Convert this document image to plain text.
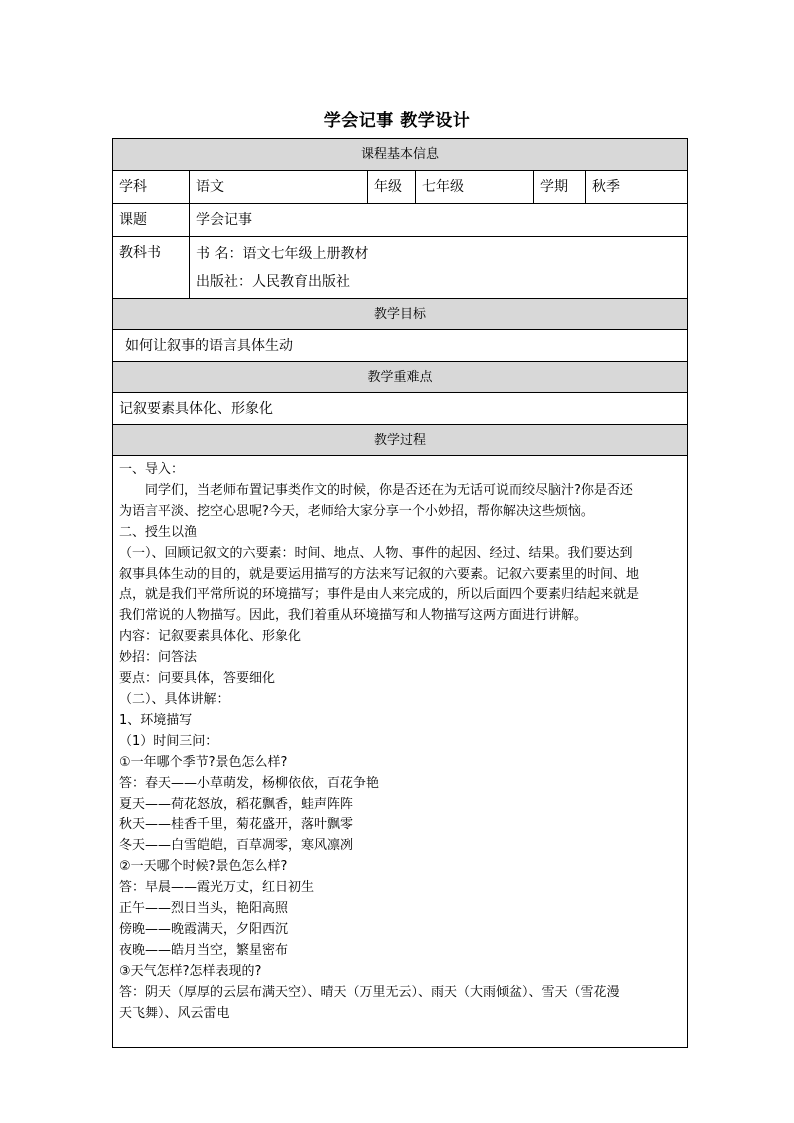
学会记事 教学设计
课程基本信息
学科	语文	年级	七年级	学期	秋季
课题	学会记事
教科书	书 名：语文七年级上册教材
出版社：人民教育出版社
教学目标
如何让叙事的语言具体生动
教学重难点
记叙要素具体化、形象化
教学过程

一、导入：

同学们，当老师布置记事类作文的时候，你是否还在为无话可说而绞尽脑汁?你是否还

为语言平淡、挖空心思呢?今天，老师给大家分享一个小妙招，帮你解决这些烦恼。

二、授生以渔

（一）、回顾记叙文的六要素：时间、地点、人物、事件的起因、经过、结果。我们要达到

叙事具体生动的目的，就是要运用描写的方法来写记叙的六要素。记叙六要素里的时间、地

点，就是我们平常所说的环境描写；事件是由人来完成的，所以后面四个要素归结起来就是

我们常说的人物描写。因此，我们着重从环境描写和人物描写这两方面进行讲解。

内容：记叙要素具体化、形象化

妙招：问答法

要点：问要具体，答要细化

（二）、具体讲解：

1、环境描写

（1）时间三问：

①一年哪个季节?景色怎么样?

答：春天——小草萌发，杨柳依依，百花争艳

夏天——荷花怒放，稻花飘香，蛙声阵阵

秋天——桂香千里，菊花盛开，落叶飘零

冬天——白雪皑皑，百草凋零，寒风凛冽

②一天哪个时候?景色怎么样?

答：早晨——霞光万丈，红日初生

正午——烈日当头，艳阳高照

傍晚——晚霞满天，夕阳西沉

夜晚——皓月当空，繁星密布

③天气怎样?怎样表现的?

答：阴天（厚厚的云层布满天空）、晴天（万里无云）、雨天（大雨倾盆）、雪天（雪花漫

天飞舞）、风云雷电
